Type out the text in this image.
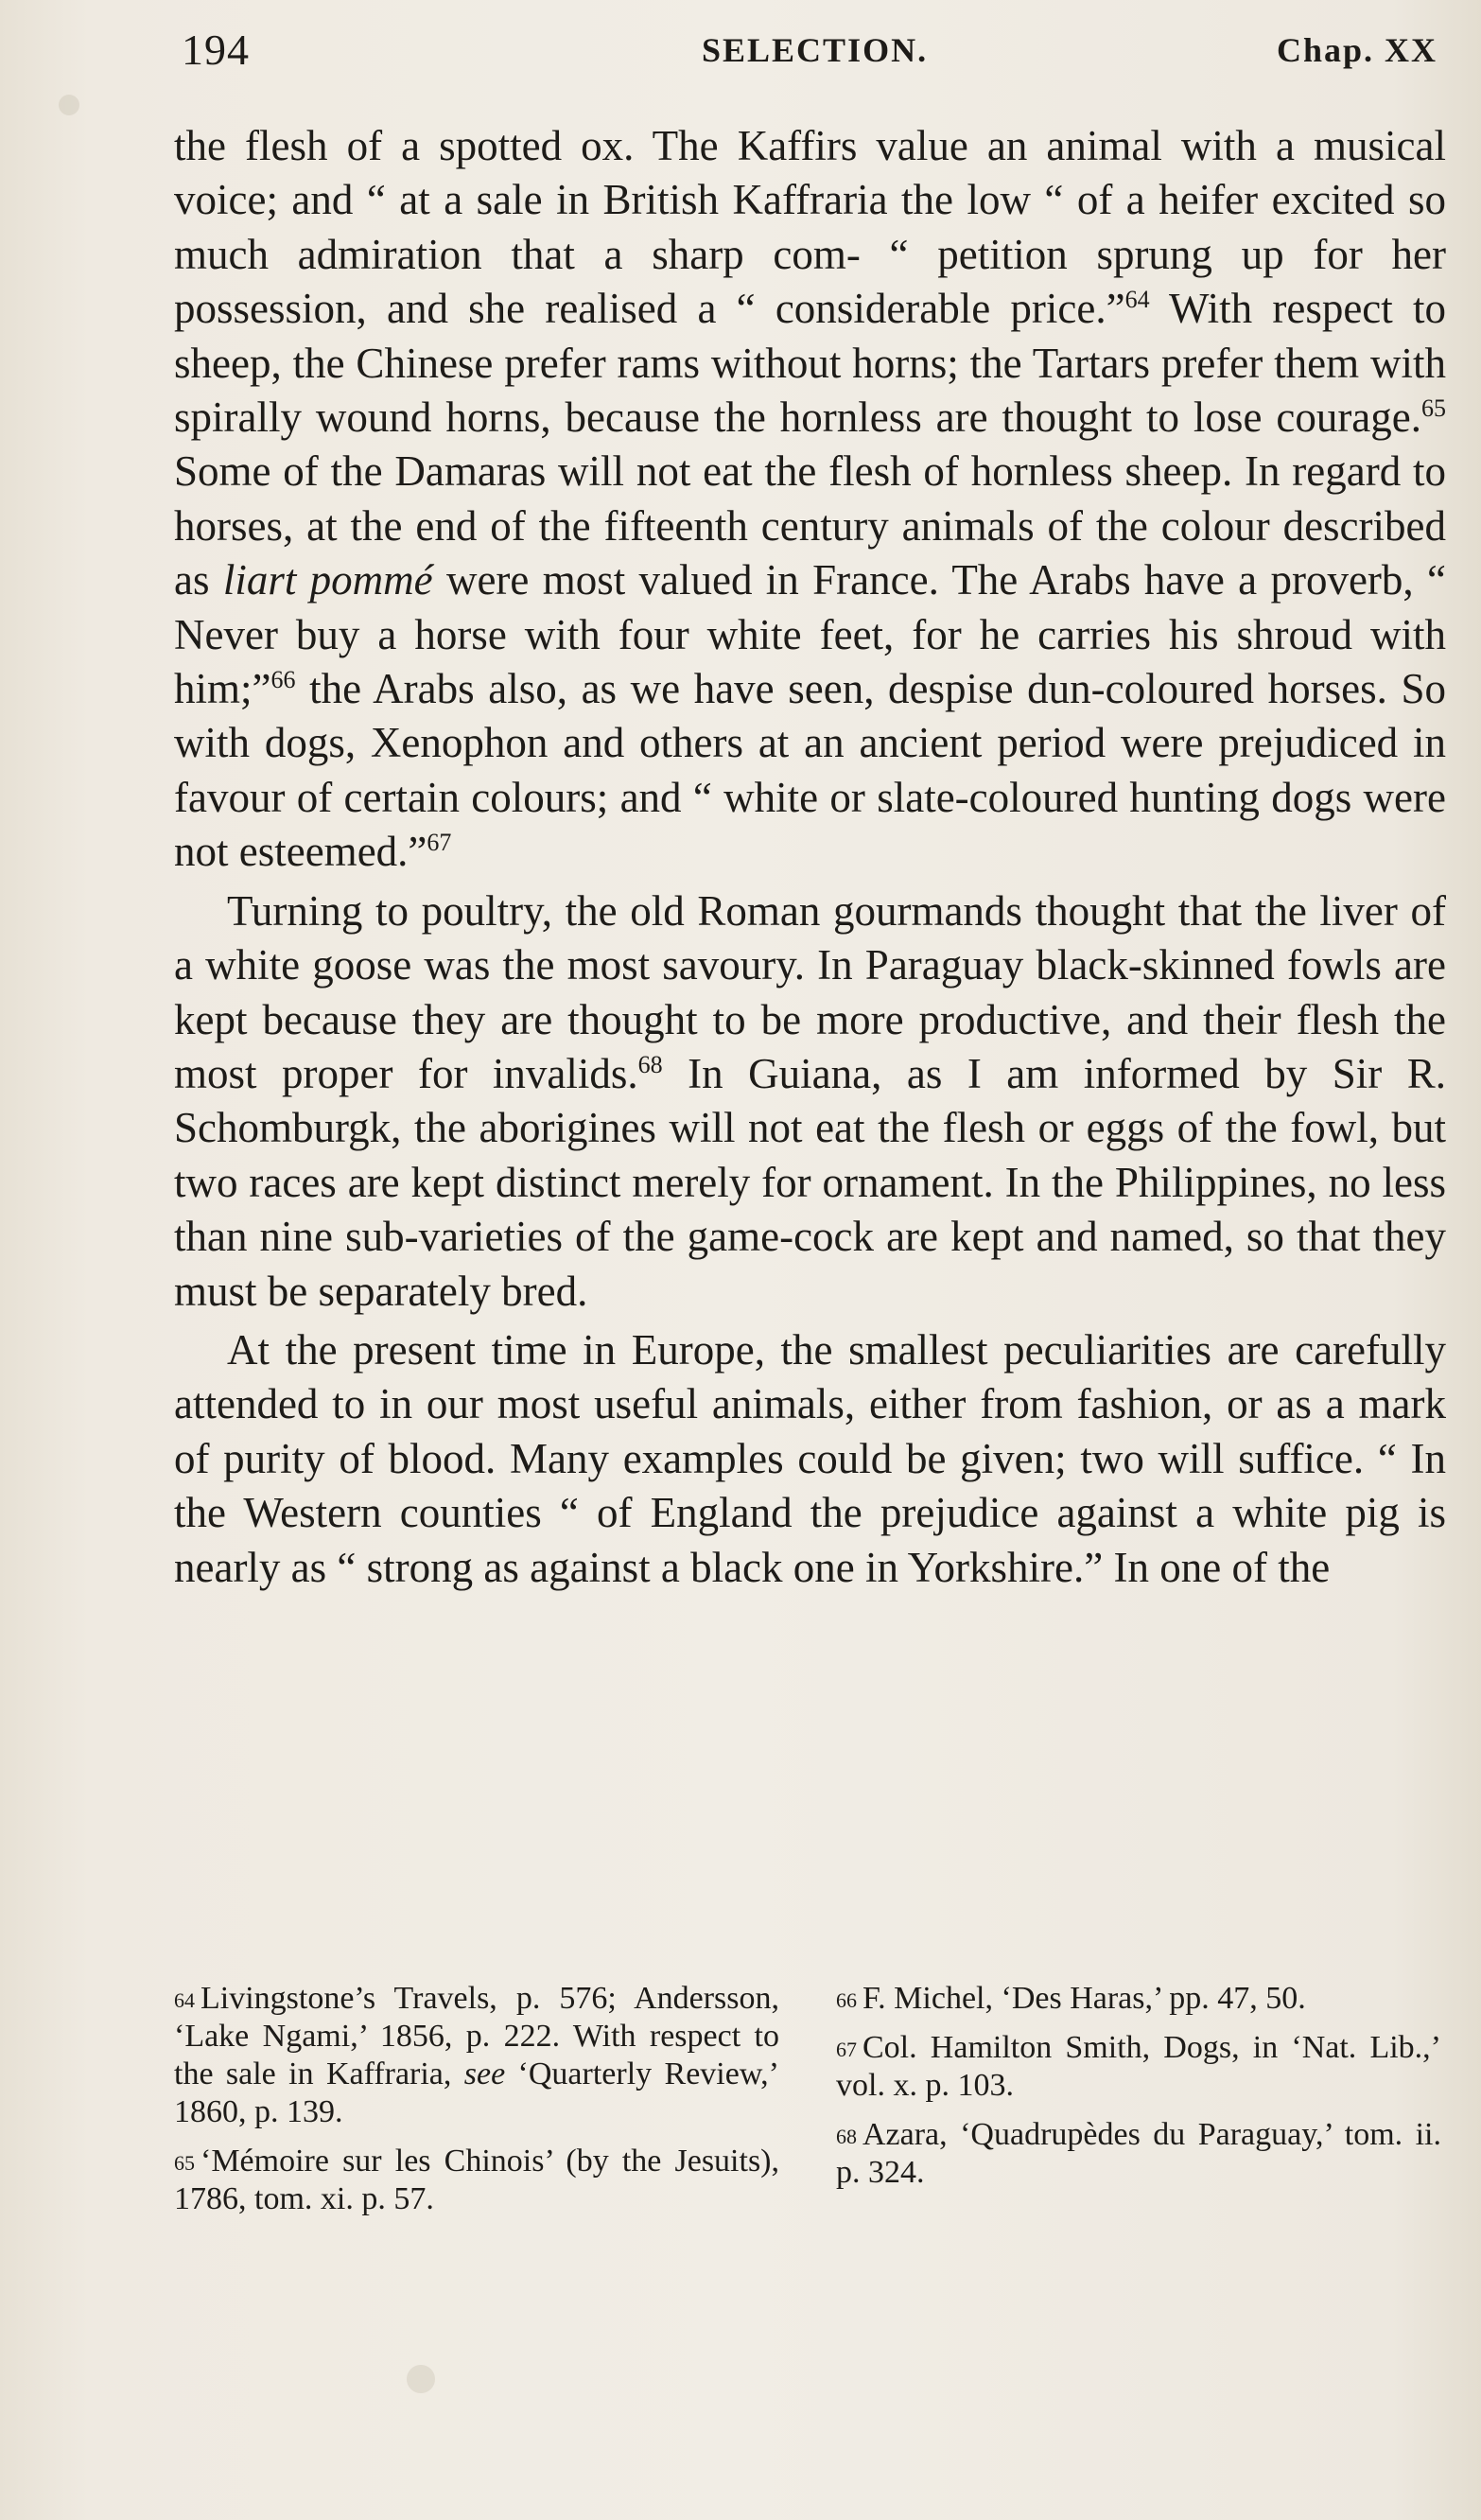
194	SELECTION.	Chap. XX

the flesh of a spotted ox. The Kaffirs value an animal with a musical voice; and “ at a sale in British Kaffraria the low “ of a heifer excited so much admiration that a sharp com- “ petition sprung up for her possession, and she realised a “ considerable price.”$^{64}$ With respect to sheep, the Chinese prefer rams without horns; the Tartars prefer them with spirally wound horns, because the hornless are thought to lose courage.$^{65}$ Some of the Damaras will not eat the flesh of hornless sheep. In regard to horses, at the end of the fifteenth century animals of the colour described as liart pommé were most valued in France. The Arabs have a proverb, “ Never buy a horse with four white feet, for he carries his shroud with him;”$^{66}$ the Arabs also, as we have seen, despise dun-coloured horses. So with dogs, Xenophon and others at an ancient period were prejudiced in favour of certain colours; and “ white or slate-coloured hunting dogs were not esteemed.”$^{67}$

Turning to poultry, the old Roman gourmands thought that the liver of a white goose was the most savoury. In Paraguay black-skinned fowls are kept because they are thought to be more productive, and their flesh the most proper for invalids.$^{68}$ In Guiana, as I am informed by Sir R. Schomburgk, the aborigines will not eat the flesh or eggs of the fowl, but two races are kept distinct merely for ornament. In the Philippines, no less than nine sub-varieties of the game-cock are kept and named, so that they must be separately bred.

At the present time in Europe, the smallest peculiarities are carefully attended to in our most useful animals, either from fashion, or as a mark of purity of blood. Many examples could be given; two will suffice. “ In the Western counties “ of England the prejudice against a white pig is nearly as “ strong as against a black one in Yorkshire.” In one of the

$^{64}$ Livingstone’s Travels, p. 576; Andersson, ‘Lake Ngami,’ 1856, p. 222. With respect to the sale in Kaffraria, see ‘Quarterly Review,’ 1860, p. 139.

$^{65}$ ‘Mémoire sur les Chinois’ (by the Jesuits), 1786, tom. xi. p. 57.

$^{66}$ F. Michel, ‘Des Haras,’ pp. 47, 50.

$^{67}$ Col. Hamilton Smith, Dogs, in ‘Nat. Lib.,’ vol. x. p. 103.

$^{68}$ Azara, ‘Quadrupèdes du Paraguay,’ tom. ii. p. 324.
